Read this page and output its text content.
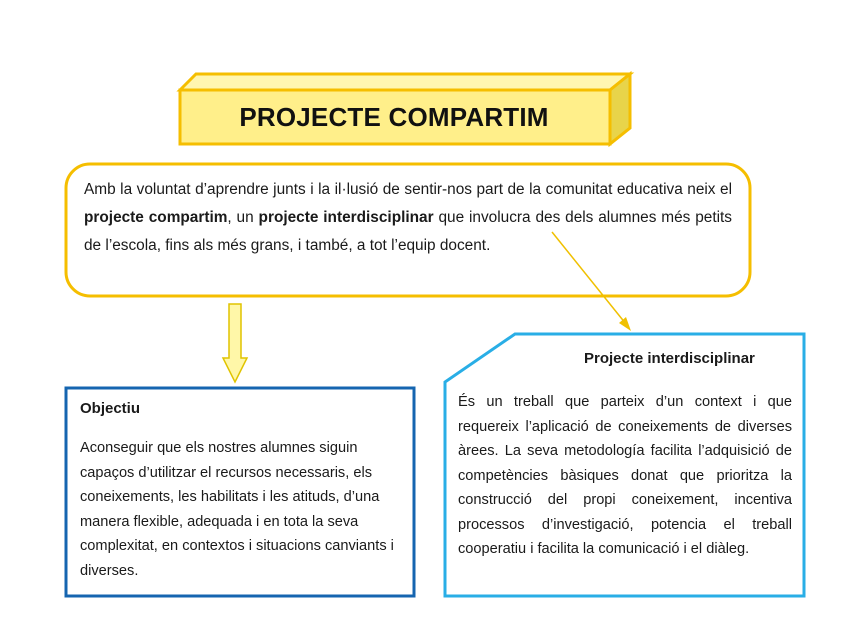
PROJECTE COMPARTIM
Amb la voluntat d’aprendre junts i la il·lusió de sentir-nos part de la comunitat educativa neix el projecte compartim, un projecte interdisciplinar que involucra des dels alumnes més petits de l’escola, fins als més grans, i també, a tot l’equip docent.
Objectiu
Aconseguir que els nostres alumnes siguin capaços d’utilitzar el recursos necessaris, els coneixements, les habilitats i les atituds, d’una manera flexible, adequada i en tota la seva complexitat, en contextos i situacions canviants i diverses.
Projecte interdisciplinar
És un treball que parteix d’un context i que requereix l’aplicació de coneixements de diverses àrees. La seva metodología facilita l’adquisició de competències bàsiques donat que prioritza la construcció del propi coneixement, incentiva processos d’investigació, potencia el treball cooperatiu i facilita la comunicació i el diàleg.
